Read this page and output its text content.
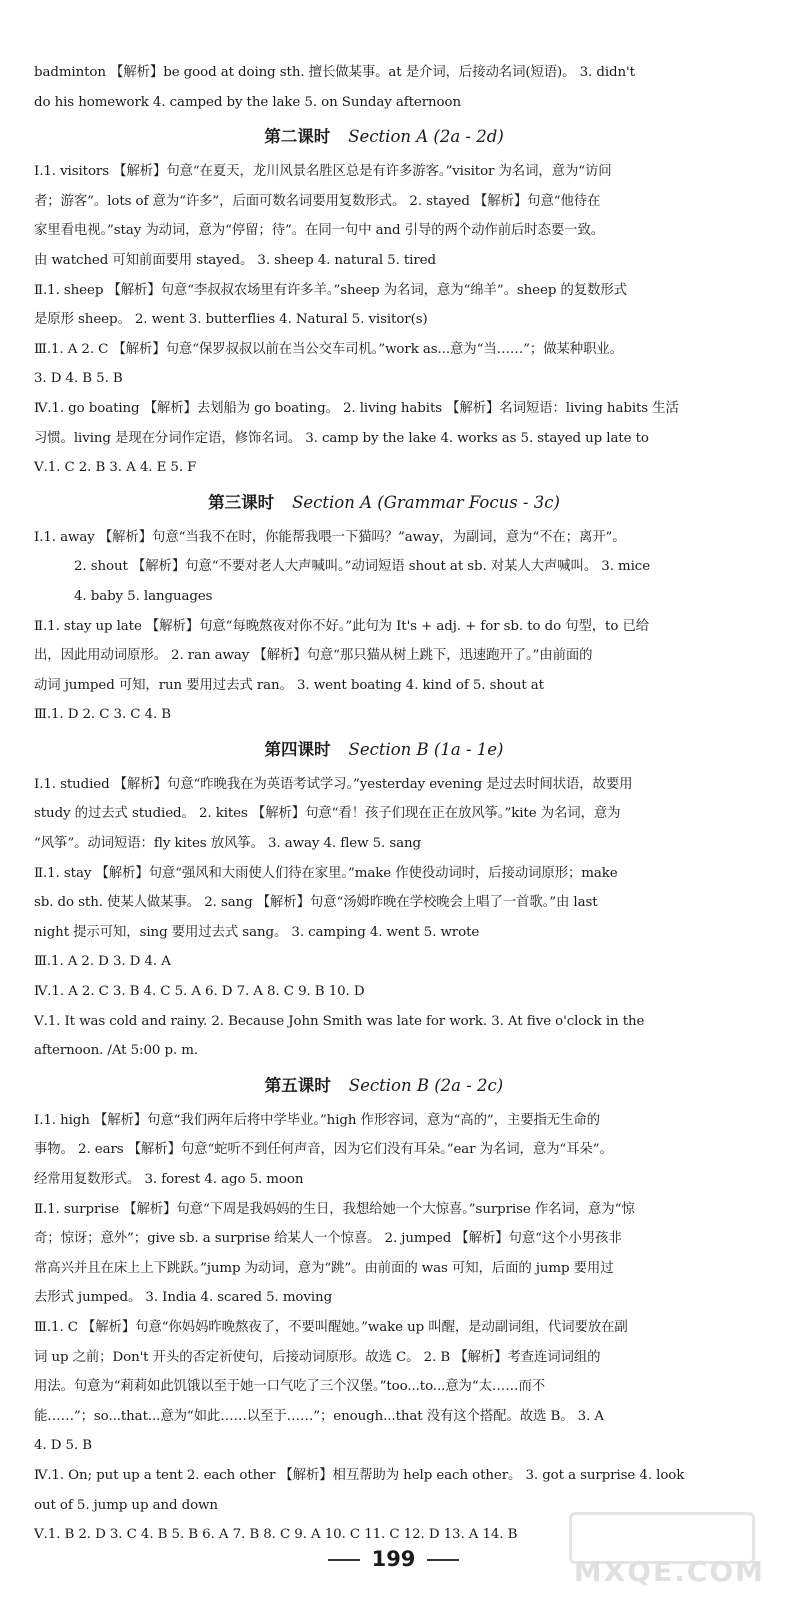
badminton 【解析】be good at doing sth. 擅长做某事。at 是介词，后接动名词(短语)。 3. didn't
do his homework 4. camped by the lake 5. on Sunday afternoon
第二课时 Section A (2a - 2d)
Ⅰ.1. visitors 【解析】句意“在夏天，龙川风景名胜区总是有许多游客。”visitor 为名词，意为“访问
者；游客”。lots of 意为“许多”，后面可数名词要用复数形式。 2. stayed 【解析】句意“他待在
家里看电视。”stay 为动词，意为“停留；待”。在同一句中 and 引导的两个动作前后时态要一致。
由 watched 可知前面要用 stayed。 3. sheep 4. natural 5. tired
Ⅱ.1. sheep 【解析】句意“李叔叔农场里有许多羊。”sheep 为名词，意为“绵羊”。sheep 的复数形式
是原形 sheep。 2. went 3. butterflies 4. Natural 5. visitor(s)
Ⅲ.1. A 2. C 【解析】句意“保罗叔叔以前在当公交车司机。”work as...意为“当……”；做某种职业。
3. D 4. B 5. B
Ⅳ.1. go boating 【解析】去划船为 go boating。 2. living habits 【解析】名词短语：living habits 生活
习惯。living 是现在分词作定语，修饰名词。 3. camp by the lake 4. works as 5. stayed up late to
Ⅴ.1. C 2. B 3. A 4. E 5. F
第三课时 Section A (Grammar Focus - 3c)
Ⅰ.1. away 【解析】句意“当我不在时，你能帮我喂一下猫吗？”away，为副词，意为“不在；离开”。
2. shout 【解析】句意“不要对老人大声喊叫。”动词短语 shout at sb. 对某人大声喊叫。 3. mice
4. baby 5. languages
Ⅱ.1. stay up late 【解析】句意“每晚熬夜对你不好。”此句为 It's + adj. + for sb. to do 句型，to 已给
出，因此用动词原形。 2. ran away 【解析】句意“那只猫从树上跳下，迅速跑开了。”由前面的
动词 jumped 可知，run 要用过去式 ran。 3. went boating 4. kind of 5. shout at
Ⅲ.1. D 2. C 3. C 4. B
第四课时 Section B (1a - 1e)
Ⅰ.1. studied 【解析】句意“昨晚我在为英语考试学习。”yesterday evening 是过去时间状语，故要用
study 的过去式 studied。 2. kites 【解析】句意“看！孩子们现在正在放风筝。”kite 为名词，意为
“风筝”。动词短语：fly kites 放风筝。 3. away 4. flew 5. sang
Ⅱ.1. stay 【解析】句意“强风和大雨使人们待在家里。”make 作使役动词时，后接动词原形；make
sb. do sth. 使某人做某事。 2. sang 【解析】句意“汤姆昨晚在学校晚会上唱了一首歌。”由 last
night 提示可知，sing 要用过去式 sang。 3. camping 4. went 5. wrote
Ⅲ.1. A 2. D 3. D 4. A
Ⅳ.1. A 2. C 3. B 4. C 5. A 6. D 7. A 8. C 9. B 10. D
Ⅴ.1. It was cold and rainy. 2. Because John Smith was late for work. 3. At five o'clock in the
afternoon. /At 5:00 p. m.
第五课时 Section B (2a - 2c)
Ⅰ.1. high 【解析】句意“我们两年后将中学毕业。”high 作形容词，意为“高的”，主要指无生命的
事物。 2. ears 【解析】句意“蛇听不到任何声音，因为它们没有耳朵。”ear 为名词，意为“耳朵”。
经常用复数形式。 3. forest 4. ago 5. moon
Ⅱ.1. surprise 【解析】句意“下周是我妈妈的生日，我想给她一个大惊喜。”surprise 作名词，意为“惊
奇；惊讶；意外”；give sb. a surprise 给某人一个惊喜。 2. jumped 【解析】句意“这个小男孩非
常高兴并且在床上上下跳跃。”jump 为动词，意为“跳”。由前面的 was 可知，后面的 jump 要用过
去形式 jumped。 3. India 4. scared 5. moving
Ⅲ.1. C 【解析】句意“你妈妈昨晚熬夜了，不要叫醒她。”wake up 叫醒，是动副词组，代词要放在副
词 up 之前；Don't 开头的否定祈使句，后接动词原形。故选 C。 2. B 【解析】考查连词词组的
用法。句意为“莉莉如此饥饿以至于她一口气吃了三个汉堡。”too...to...意为“太……而不
能……”；so...that...意为“如此……以至于……”；enough...that 没有这个搭配。故选 B。 3. A
4. D 5. B
Ⅳ.1. On; put up a tent 2. each other 【解析】相互帮助为 help each other。 3. got a surprise 4. look
out of 5. jump up and down
Ⅴ.1. B 2. D 3. C 4. B 5. B 6. A 7. B 8. C 9. A 10. C 11. C 12. D 13. A 14. B
199	MXQE.COM
